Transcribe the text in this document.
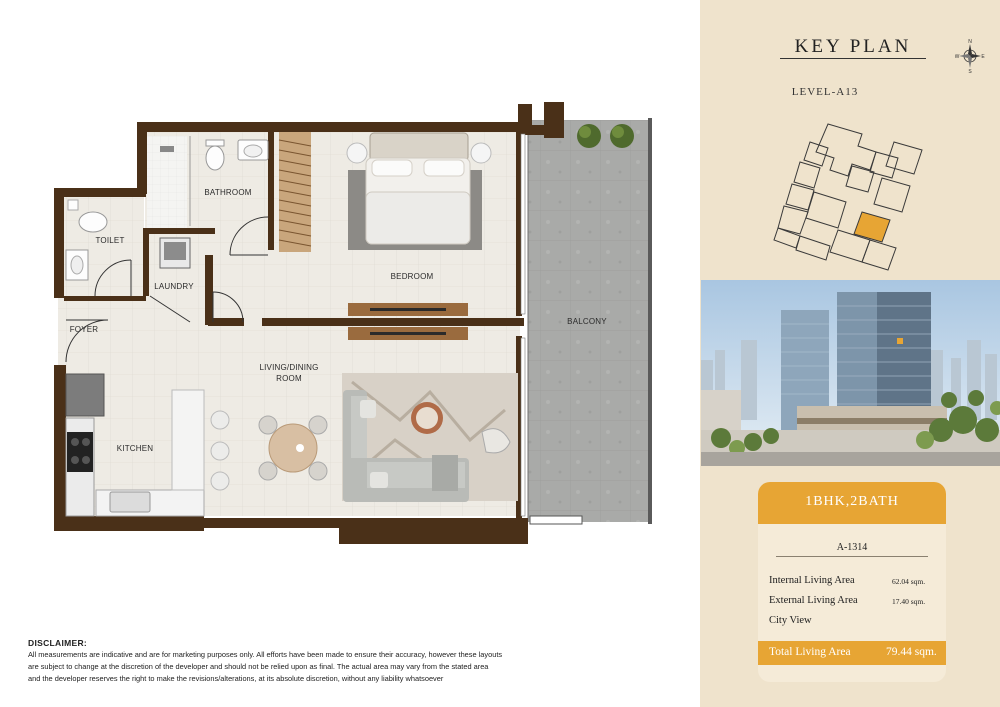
BATHROOM
TOILET
LAUNDRY
FOYER
BEDROOM
LIVING/DINING
ROOM
KITCHEN
BALCONY
DISCLAIMER:
All measurements are indicative and are for marketing purposes only. All efforts have been made to ensure their accuracy, however these layouts
are subject to change at the discretion of the developer and should not be relied upon as final. The actual area may vary from the stated area
and the developer reserves the right to make the revisions/alterations, at its absolute discretion, without any liability whatsoever
KEY PLAN	N
S
W	E
LEVEL-A13
1BHK,2BATH
A-1314
Internal Living Area	62.04 sqm.
External Living Area	17.40 sqm.
City View
Total Living Area	79.44 sqm.
